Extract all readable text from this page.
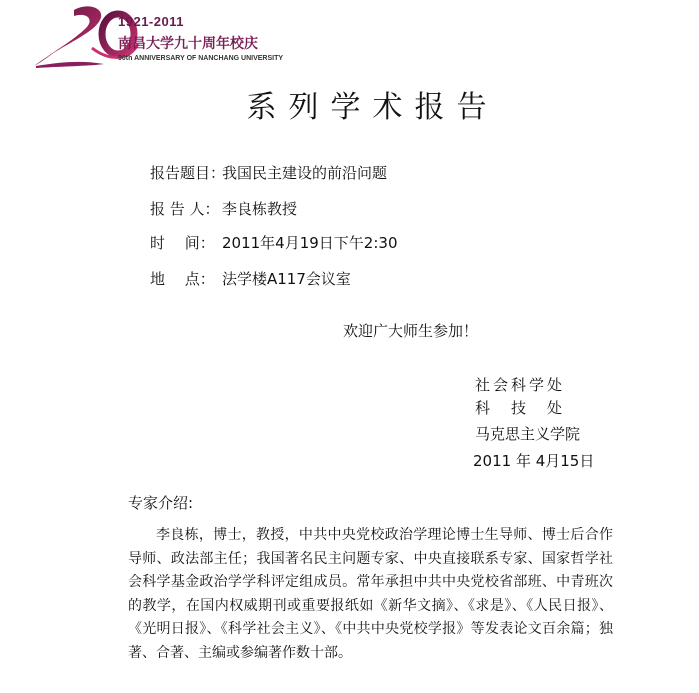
1921-2011
南昌大学九十周年校庆
90th ANNIVERSARY OF NANCHANG UNIVERSITY
系列学术报告
报告题目：我国民主建设的前沿问题
报 告 人： 李良栋教授
时　 间： 2011年4月19日下午2:30
地　 点： 法学楼A117会议室
欢迎广大师生参加！
社会科学处
科技处
马克思主义学院
2011 年 4月15日
专家介绍:
李良栋，博士，教授，中共中央党校政治学理论博士生导师、博士后合作导师、政法部主任；我国著名民主问题专家、中央直接联系专家、国家哲学社会科学基金政治学学科评定组成员。常年承担中共中央党校省部班、中青班次的教学，在国内权威期刊或重要报纸如《新华文摘》、《求是》、《人民日报》、《光明日报》、《科学社会主义》、《中共中央党校学报》等发表论文百余篇；独著、合著、主编或参编著作数十部。
